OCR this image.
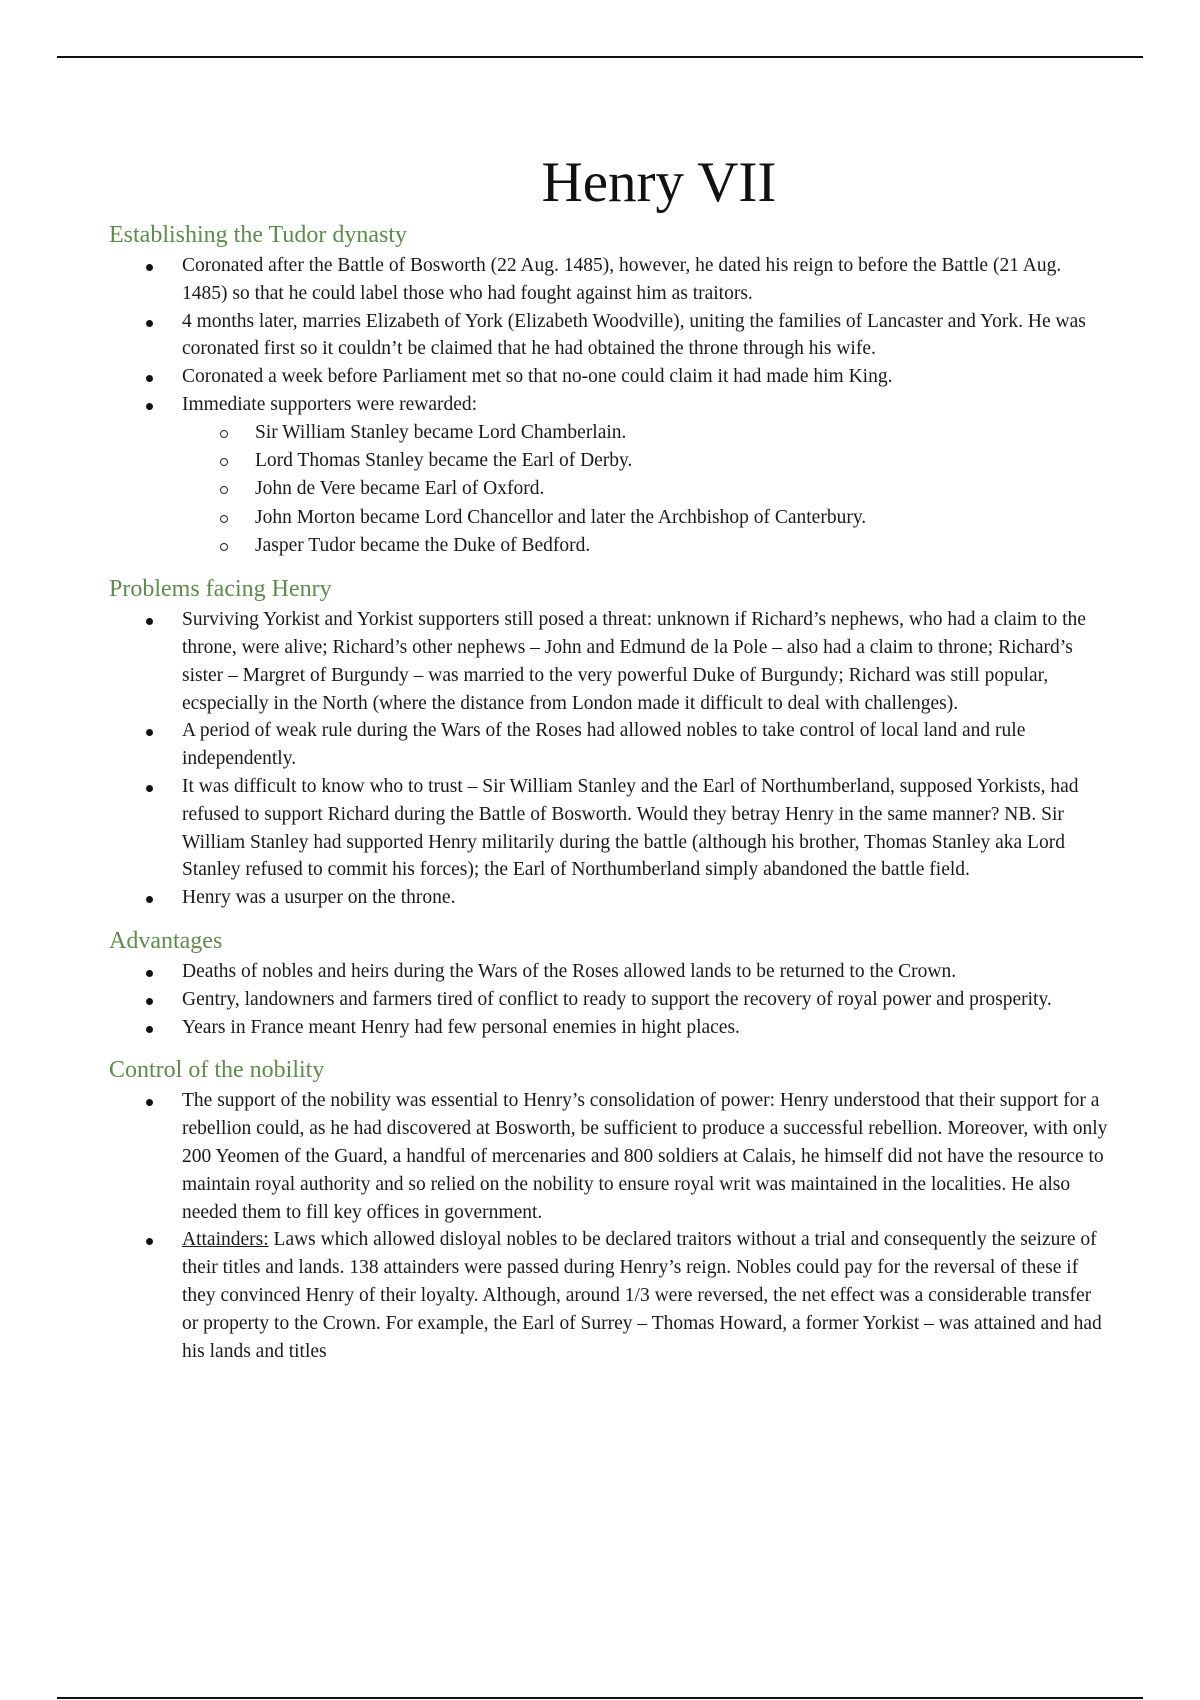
Henry VII
Establishing the Tudor dynasty
Coronated after the Battle of Bosworth (22 Aug. 1485), however, he dated his reign to before the Battle (21 Aug. 1485) so that he could label those who had fought against him as traitors.
4 months later, marries Elizabeth of York (Elizabeth Woodville), uniting the families of Lancaster and York. He was coronated first so it couldn’t be claimed that he had obtained the throne through his wife.
Coronated a week before Parliament met so that no-one could claim it had made him King.
Immediate supporters were rewarded:
Sir William Stanley became Lord Chamberlain.
Lord Thomas Stanley became the Earl of Derby.
John de Vere became Earl of Oxford.
John Morton became Lord Chancellor and later the Archbishop of Canterbury.
Jasper Tudor became the Duke of Bedford.
Problems facing Henry
Surviving Yorkist and Yorkist supporters still posed a threat: unknown if Richard’s nephews, who had a claim to the throne, were alive; Richard’s other nephews – John and Edmund de la Pole – also had a claim to throne; Richard’s sister – Margret of Burgundy – was married to the very powerful Duke of Burgundy; Richard was still popular, ecspecially in the North (where the distance from London made it difficult to deal with challenges).
A period of weak rule during the Wars of the Roses had allowed nobles to take control of local land and rule independently.
It was difficult to know who to trust – Sir William Stanley and the Earl of Northumberland, supposed Yorkists, had refused to support Richard during the Battle of Bosworth. Would they betray Henry in the same manner? NB. Sir William Stanley had supported Henry militarily during the battle (although his brother, Thomas Stanley aka Lord Stanley refused to commit his forces); the Earl of Northumberland simply abandoned the battle field.
Henry was a usurper on the throne.
Advantages
Deaths of nobles and heirs during the Wars of the Roses allowed lands to be returned to the Crown.
Gentry, landowners and farmers tired of conflict to ready to support the recovery of royal power and prosperity.
Years in France meant Henry had few personal enemies in hight places.
Control of the nobility
The support of the nobility was essential to Henry’s consolidation of power: Henry understood that their support for a rebellion could, as he had discovered at Bosworth, be sufficient to produce a successful rebellion. Moreover, with only 200 Yeomen of the Guard, a handful of mercenaries and 800 soldiers at Calais, he himself did not have the resource to maintain royal authority and so relied on the nobility to ensure royal writ was maintained in the localities. He also needed them to fill key offices in government.
Attainders: Laws which allowed disloyal nobles to be declared traitors without a trial and consequently the seizure of their titles and lands. 138 attainders were passed during Henry’s reign. Nobles could pay for the reversal of these if they convinced Henry of their loyalty. Although, around 1/3 were reversed, the net effect was a considerable transfer or property to the Crown. For example, the Earl of Surrey – Thomas Howard, a former Yorkist – was attained and had his lands and titles
